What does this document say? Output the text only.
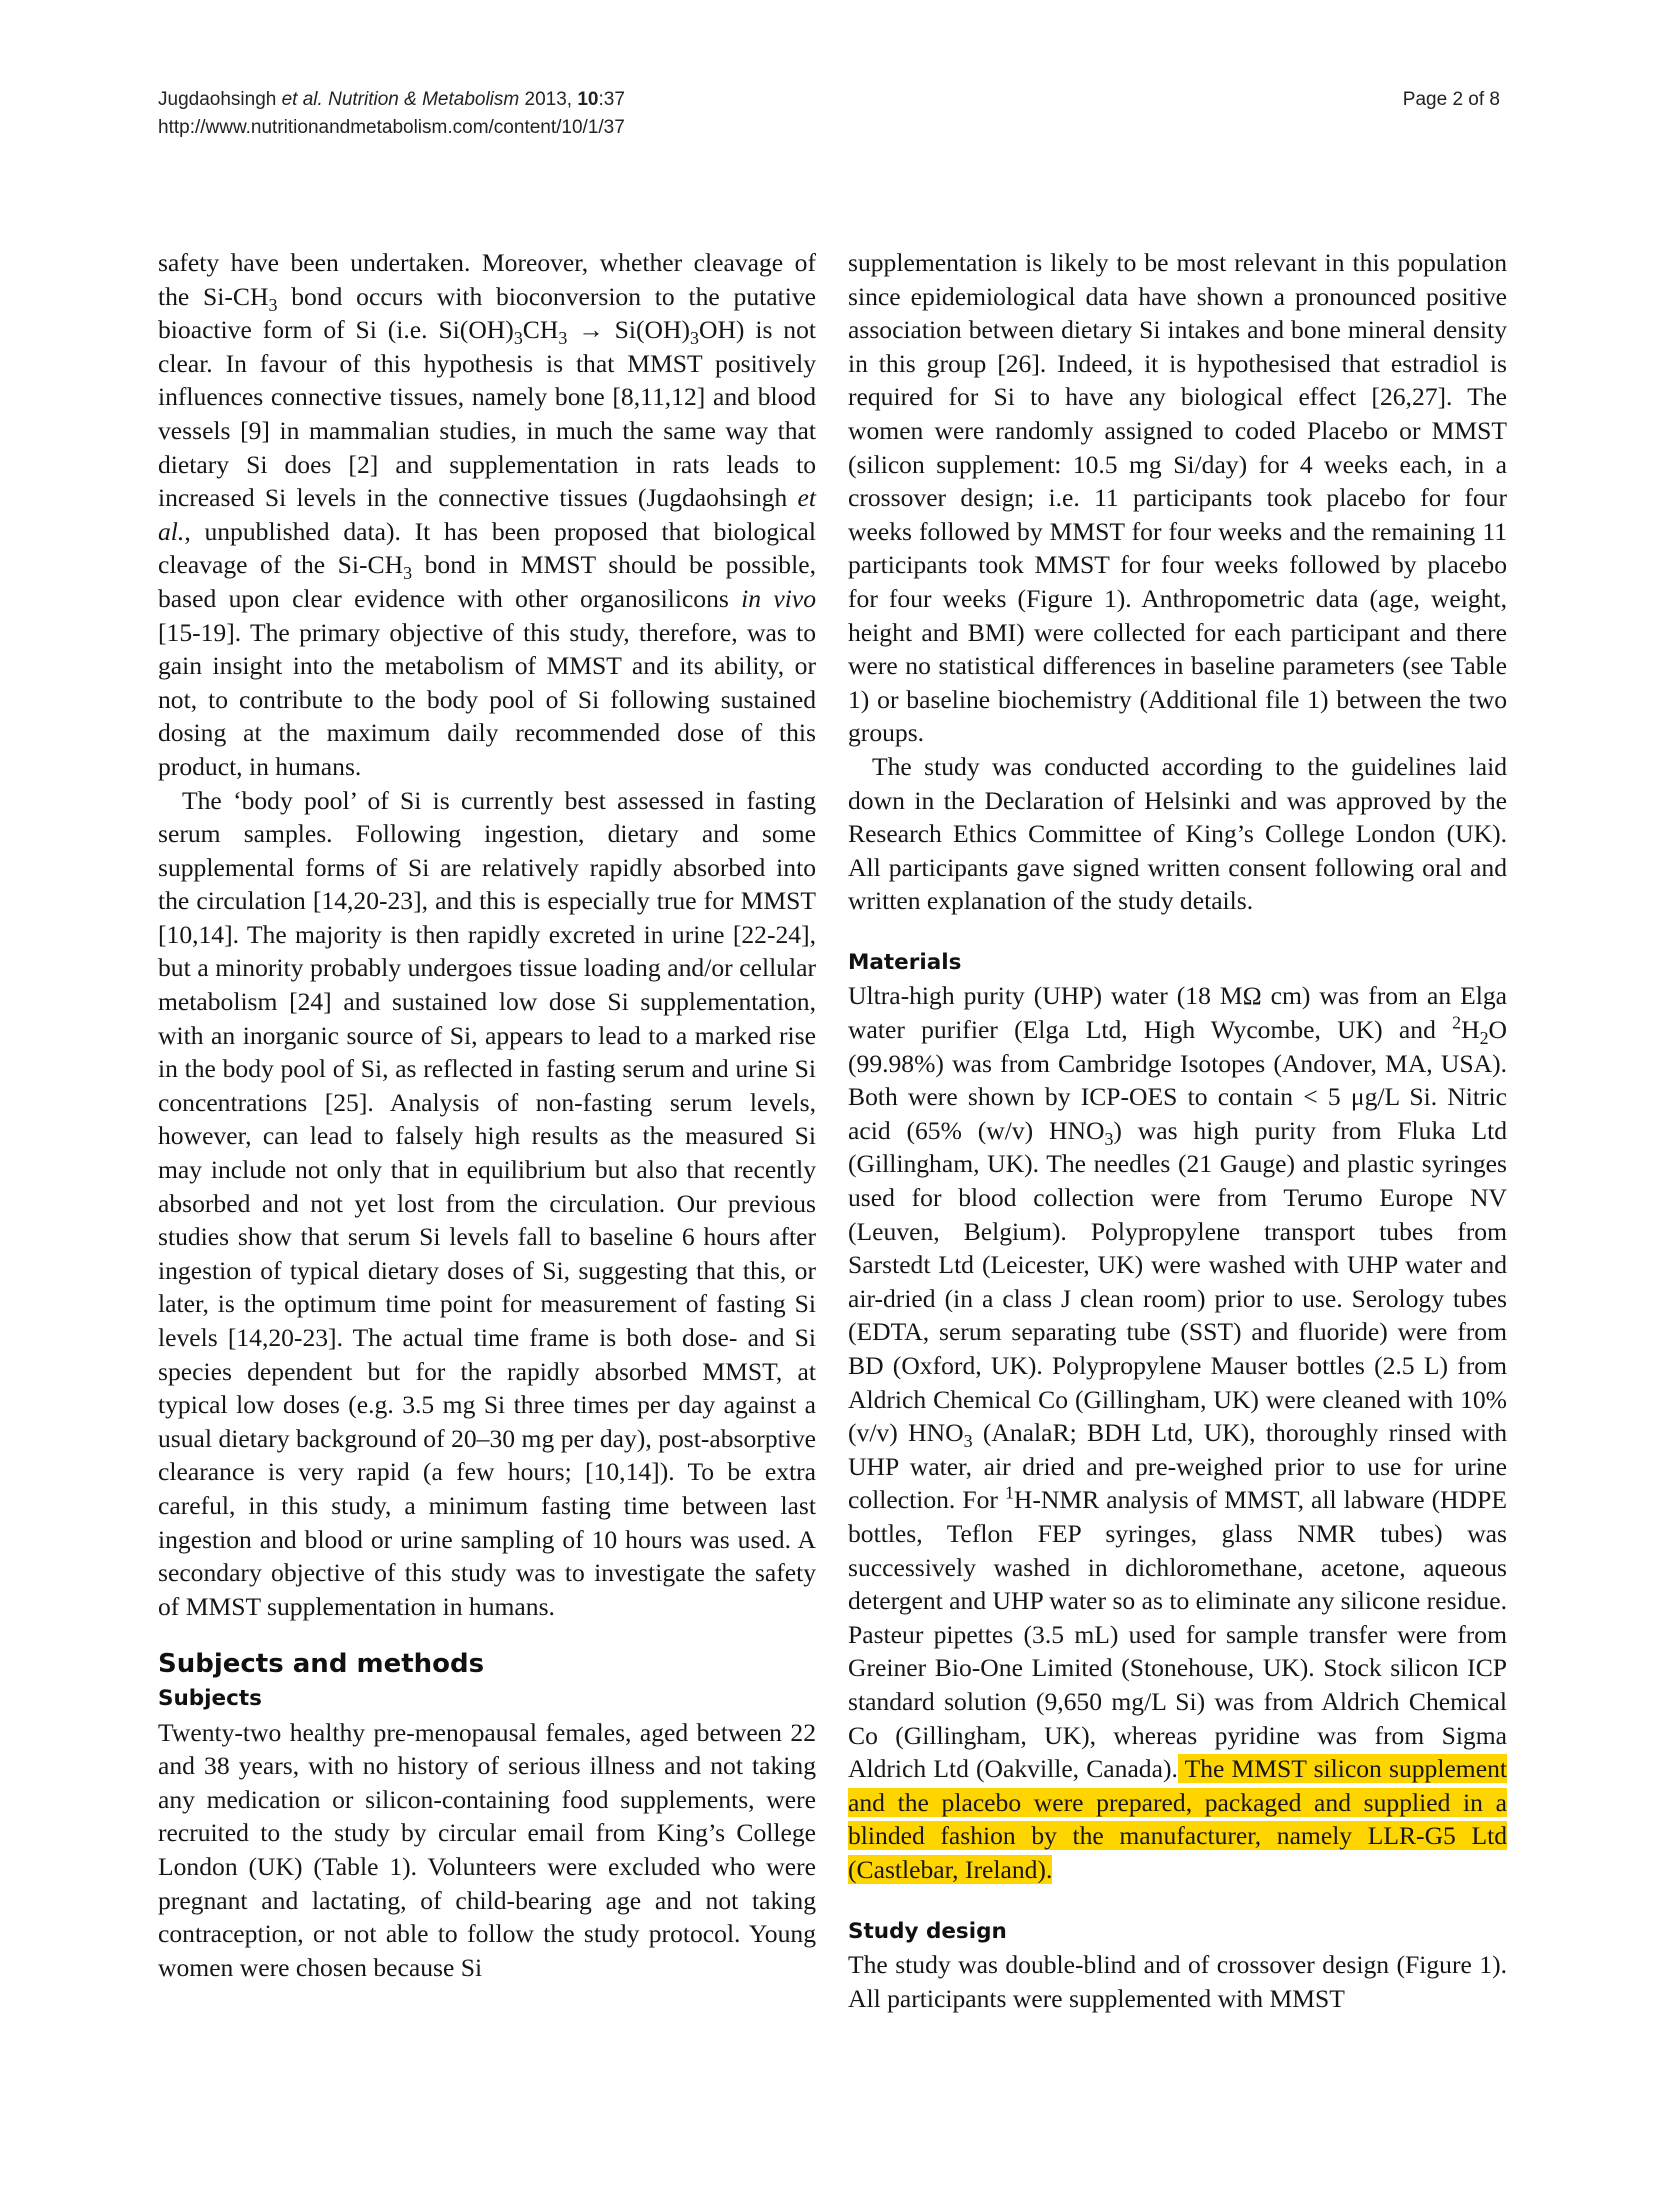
Jugdaohsingh et al. Nutrition & Metabolism 2013, 10:37
http://www.nutritionandmetabolism.com/content/10/1/37
Page 2 of 8

safety have been undertaken. Moreover, whether cleavage of the $Si-CH_3$ bond occurs with bioconversion to the putative bioactive form of Si (i.e. $Si(OH)_3CH_3 \to Si(OH)_3OH$) is not clear. In favour of this hypothesis is that MMST positively influences connective tissues, namely bone [8,11,12] and blood vessels [9] in mammalian studies, in much the same way that dietary Si does [2] and supplementation in rats leads to increased Si levels in the connective tissues (Jugdaohsingh et al., unpublished data). It has been proposed that biological cleavage of the $Si-CH_3$ bond in MMST should be possible, based upon clear evidence with other organosilicons in vivo [15-19]. The primary objective of this study, therefore, was to gain insight into the metabolism of MMST and its ability, or not, to contribute to the body pool of Si following sustained dosing at the maximum daily recommended dose of this product, in humans.

The ‘body pool’ of Si is currently best assessed in fasting serum samples. Following ingestion, dietary and some supplemental forms of Si are relatively rapidly absorbed into the circulation [14,20-23], and this is especially true for MMST [10,14]. The majority is then rapidly excreted in urine [22-24], but a minority probably undergoes tissue loading and/or cellular metabolism [24] and sustained low dose Si supplementation, with an inorganic source of Si, appears to lead to a marked rise in the body pool of Si, as reflected in fasting serum and urine Si concentrations [25]. Analysis of non-fasting serum levels, however, can lead to falsely high results as the measured Si may include not only that in equilibrium but also that recently absorbed and not yet lost from the circulation. Our previous studies show that serum Si levels fall to baseline 6 hours after ingestion of typical dietary doses of Si, suggesting that this, or later, is the optimum time point for measurement of fasting Si levels [14,20-23]. The actual time frame is both dose- and Si species dependent but for the rapidly absorbed MMST, at typical low doses (e.g. 3.5 mg Si three times per day against a usual dietary background of 20–30 mg per day), post-absorptive clearance is very rapid (a few hours; [10,14]). To be extra careful, in this study, a minimum fasting time between last ingestion and blood or urine sampling of 10 hours was used. A secondary objective of this study was to investigate the safety of MMST supplementation in humans.

Subjects and methods
Subjects

Twenty-two healthy pre-menopausal females, aged between 22 and 38 years, with no history of serious illness and not taking any medication or silicon-containing food supplements, were recruited to the study by circular email from King’s College London (UK) (Table 1). Volunteers were excluded who were pregnant and lactating, of child-bearing age and not taking contraception, or not able to follow the study protocol. Young women were chosen because Si

supplementation is likely to be most relevant in this population since epidemiological data have shown a pronounced positive association between dietary Si intakes and bone mineral density in this group [26]. Indeed, it is hypothesised that estradiol is required for Si to have any biological effect [26,27]. The women were randomly assigned to coded Placebo or MMST (silicon supplement: 10.5 mg Si/day) for 4 weeks each, in a crossover design; i.e. 11 participants took placebo for four weeks followed by MMST for four weeks and the remaining 11 participants took MMST for four weeks followed by placebo for four weeks (Figure 1). Anthropometric data (age, weight, height and BMI) were collected for each participant and there were no statistical differences in baseline parameters (see Table 1) or baseline biochemistry (Additional file 1) between the two groups.

The study was conducted according to the guidelines laid down in the Declaration of Helsinki and was approved by the Research Ethics Committee of King’s College London (UK). All participants gave signed written consent following oral and written explanation of the study details.

Materials

Ultra-high purity (UHP) water (18 MΩ cm) was from an Elga water purifier (Elga Ltd, High Wycombe, UK) and $^2H_2O$ (99.98%) was from Cambridge Isotopes (Andover, MA, USA). Both were shown by ICP-OES to contain < 5 μg/L Si. Nitric acid (65% (w/v) $HNO_3$) was high purity from Fluka Ltd (Gillingham, UK). The needles (21 Gauge) and plastic syringes used for blood collection were from Terumo Europe NV (Leuven, Belgium). Polypropylene transport tubes from Sarstedt Ltd (Leicester, UK) were washed with UHP water and air-dried (in a class J clean room) prior to use. Serology tubes (EDTA, serum separating tube (SST) and fluoride) were from BD (Oxford, UK). Polypropylene Mauser bottles (2.5 L) from Aldrich Chemical Co (Gillingham, UK) were cleaned with 10% (v/v) $HNO_3$ (AnalaR; BDH Ltd, UK), thoroughly rinsed with UHP water, air dried and pre-weighed prior to use for urine collection. For $^1$H-NMR analysis of MMST, all labware (HDPE bottles, Teflon FEP syringes, glass NMR tubes) was successively washed in dichloromethane, acetone, aqueous detergent and UHP water so as to eliminate any silicone residue. Pasteur pipettes (3.5 mL) used for sample transfer were from Greiner Bio-One Limited (Stonehouse, UK). Stock silicon ICP standard solution (9,650 mg/L Si) was from Aldrich Chemical Co (Gillingham, UK), whereas pyridine was from Sigma Aldrich Ltd (Oakville, Canada). The MMST silicon supplement and the placebo were prepared, packaged and supplied in a blinded fashion by the manufacturer, namely LLR-G5 Ltd (Castlebar, Ireland).

Study design

The study was double-blind and of crossover design (Figure 1). All participants were supplemented with MMST
